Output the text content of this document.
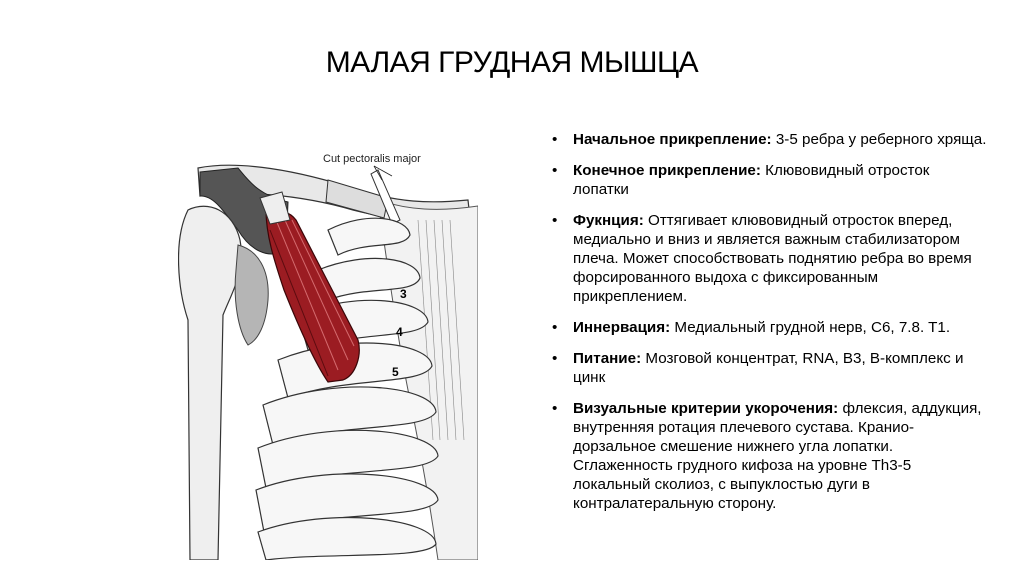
МАЛАЯ ГРУДНАЯ МЫШЦА
3
4
5
Cut pectoralis major
• Начальное прикрепление: 3-5 ребра у реберного хряща.
• Конечное прикрепление: Клювовидный отросток лопатки
• Фукнция: Оттягивает клювовидный отросток вперед, медиально и вниз и является важным стабилизатором плеча. Может способствовать поднятию ребра во время форсированного выдоха с фиксированным прикреплением.
• Иннервация: Медиальный грудной нерв, C6, 7.8. T1.
• Питание: Мозговой концентрат, RNA, B3, B-комплекс и цинк
• Визуальные критерии укорочения: флексия, аддукция, внутренняя ротация плечевого сустава. Кранио-дорзальное смешение нижнего угла лопатки. Сглаженность грудного кифоза на уровне Th3-5 локальный сколиоз, с выпуклостью дуги в контралатеральную сторону.
